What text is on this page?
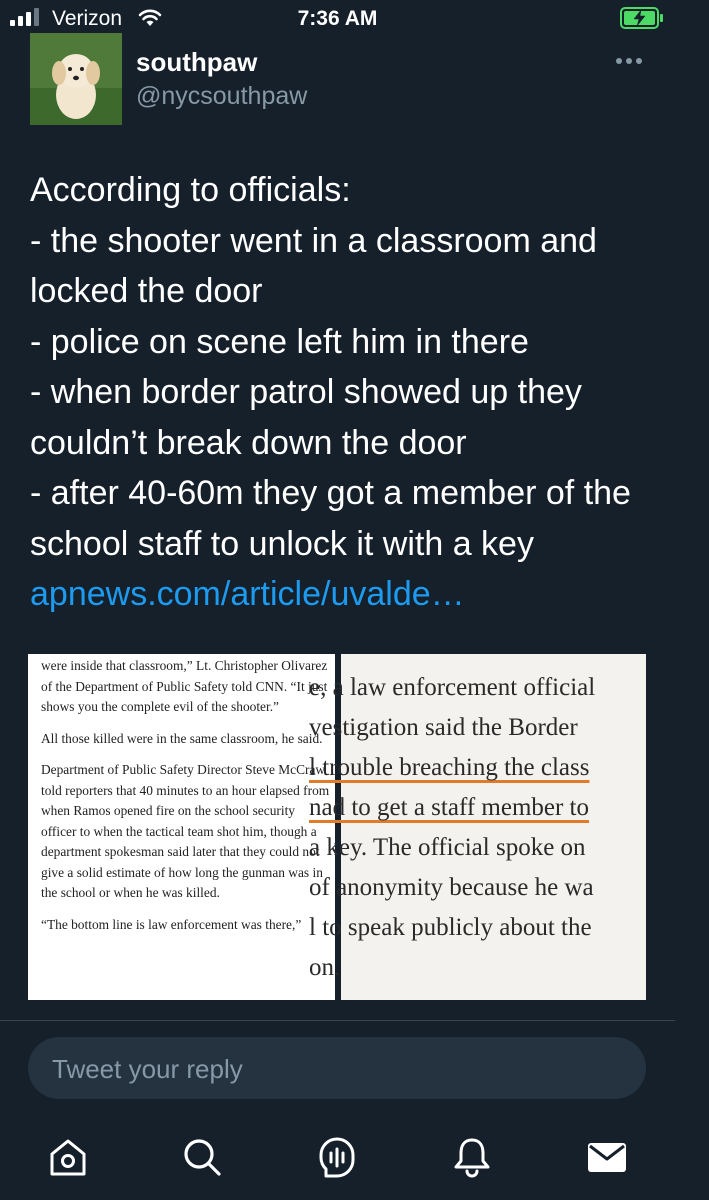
Verizon	7:36 AM
southpaw
@nycsouthpaw
According to officials:
- the shooter went in a classroom and locked the door
- police on scene left him in there
- when border patrol showed up they couldn’t break down the door
- after 40-60m they got a member of the school staff to unlock it with a key apnews.com/article/uvalde…

were inside that classroom,” Lt. Christopher Olivarez of the Department of Public Safety told CNN. “It just shows you the complete evil of the shooter.”

All those killed were in the same classroom, he said.

Department of Public Safety Director Steve McCraw told reporters that 40 minutes to an hour elapsed from when Ramos opened fire on the school security officer to when the tactical team shot him, though a department spokesman said later that they could not give a solid estimate of how long the gunman was in the school or when he was killed.

“The bottom line is law enforcement was there,”

e, a law enforcement official
vestigation said the Border
l trouble breaching the class
nad to get a staff member to
a key. The official spoke on
of anonymity because he wa
l to speak publicly about the
on.
Tweet your reply
